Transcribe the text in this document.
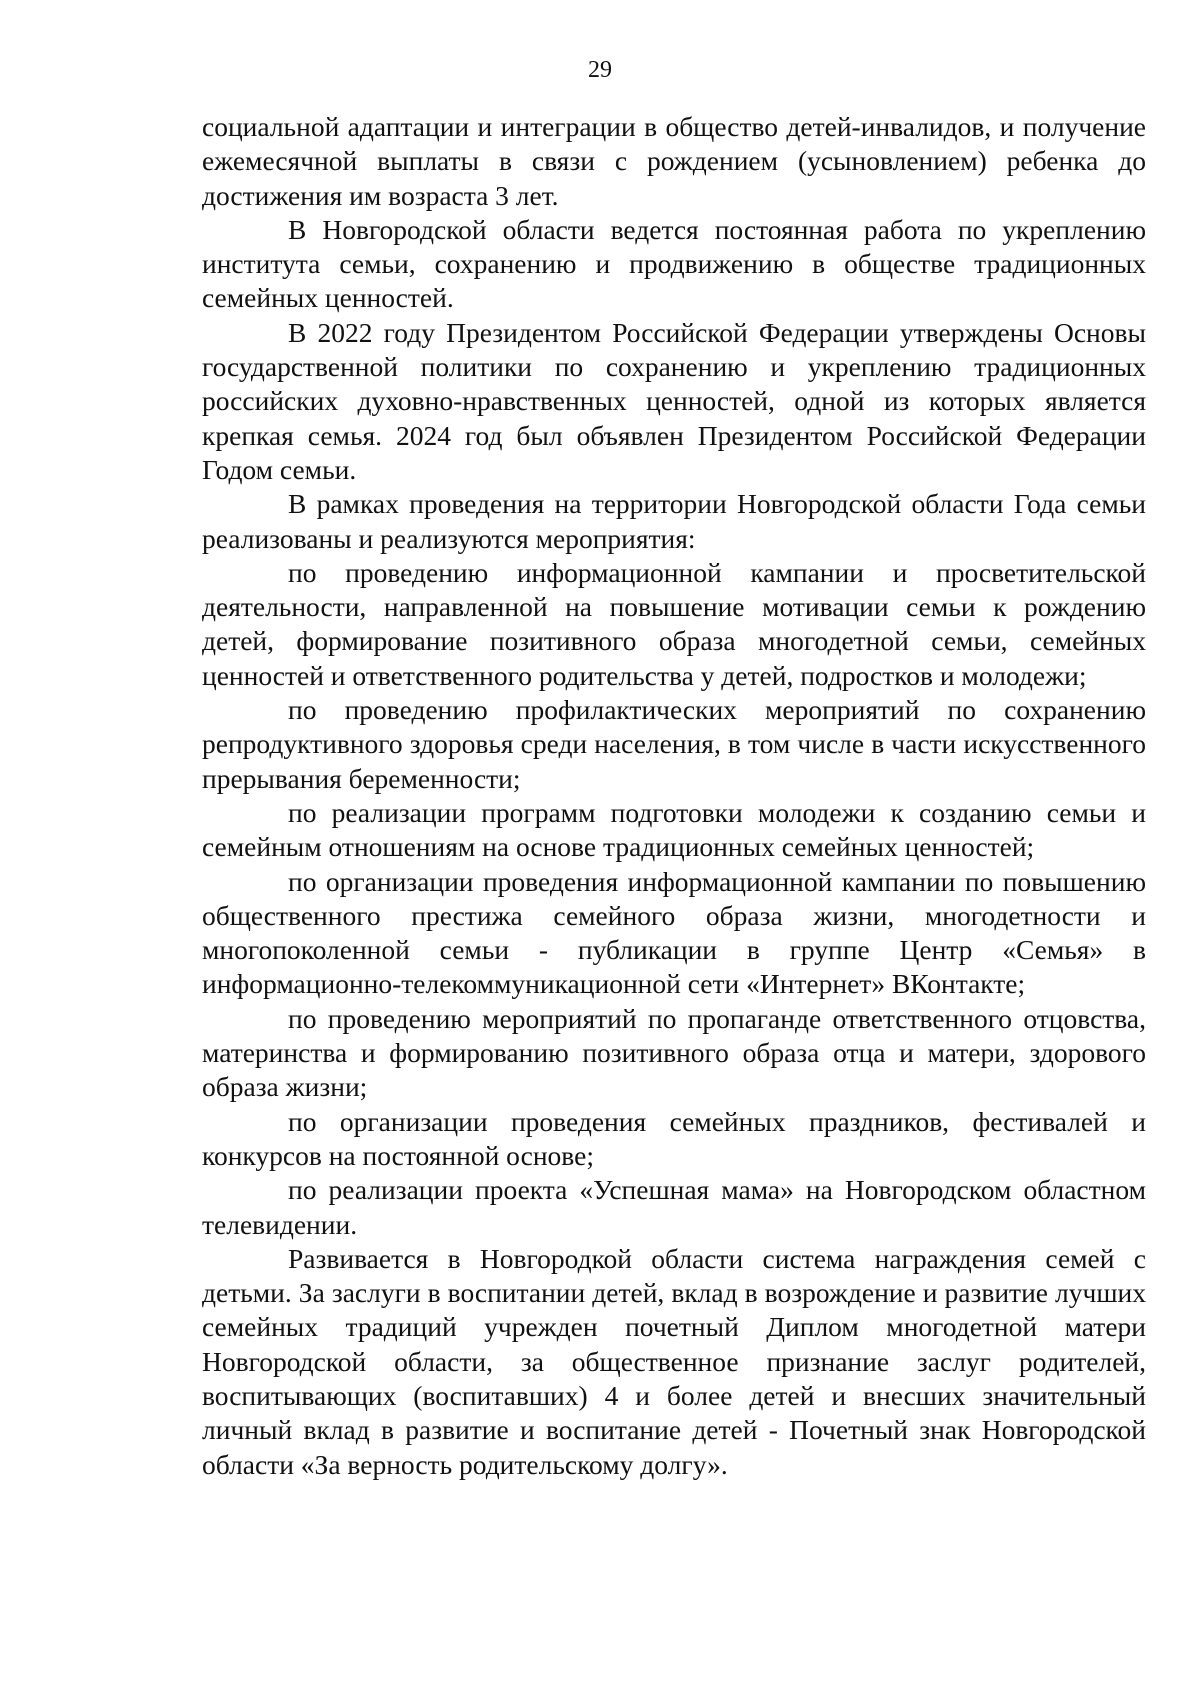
29

социальной адаптации и интеграции в общество детей-инвалидов, и получение ежемесячной выплаты в связи с рождением (усыновлением) ребенка до достижения им возраста 3 лет.

В Новгородской области ведется постоянная работа по укреплению института семьи, сохранению и продвижению в обществе традиционных семейных ценностей.

В 2022 году Президентом Российской Федерации утверждены Основы государственной политики по сохранению и укреплению традиционных российских духовно-нравственных ценностей, одной из которых является крепкая семья. 2024 год был объявлен Президентом Российской Федерации Годом семьи.

В рамках проведения на территории Новгородской области Года семьи реализованы и реализуются мероприятия:

по проведению информационной кампании и просветительской деятельности, направленной на повышение мотивации семьи к рождению детей, формирование позитивного образа многодетной семьи, семейных ценностей и ответственного родительства у детей, подростков и молодежи;

по проведению профилактических мероприятий по сохранению репродуктивного здоровья среди населения, в том числе в части искусственного прерывания беременности;

по реализации программ подготовки молодежи к созданию семьи и семейным отношениям на основе традиционных семейных ценностей;

по организации проведения информационной кампании по повышению общественного престижа семейного образа жизни, многодетности и многопоколенной семьи - публикации в группе Центр «Семья» в информационно-телекоммуникационной сети «Интернет» ВКонтакте;

по проведению мероприятий по пропаганде ответственного отцовства, материнства и формированию позитивного образа отца и матери, здорового образа жизни;

по организации проведения семейных праздников, фестивалей и конкурсов на постоянной основе;

по реализации проекта «Успешная мама» на Новгородском областном телевидении.

Развивается в Новгородкой области система награждения семей с детьми. За заслуги в воспитании детей, вклад в возрождение и развитие лучших семейных традиций учрежден почетный Диплом многодетной матери Новгородской области, за общественное признание заслуг родителей, воспитывающих (воспитавших) 4 и более детей и внесших значительный личный вклад в развитие и воспитание детей - Почетный знак Новгородской области «За верность родительскому долгу».
